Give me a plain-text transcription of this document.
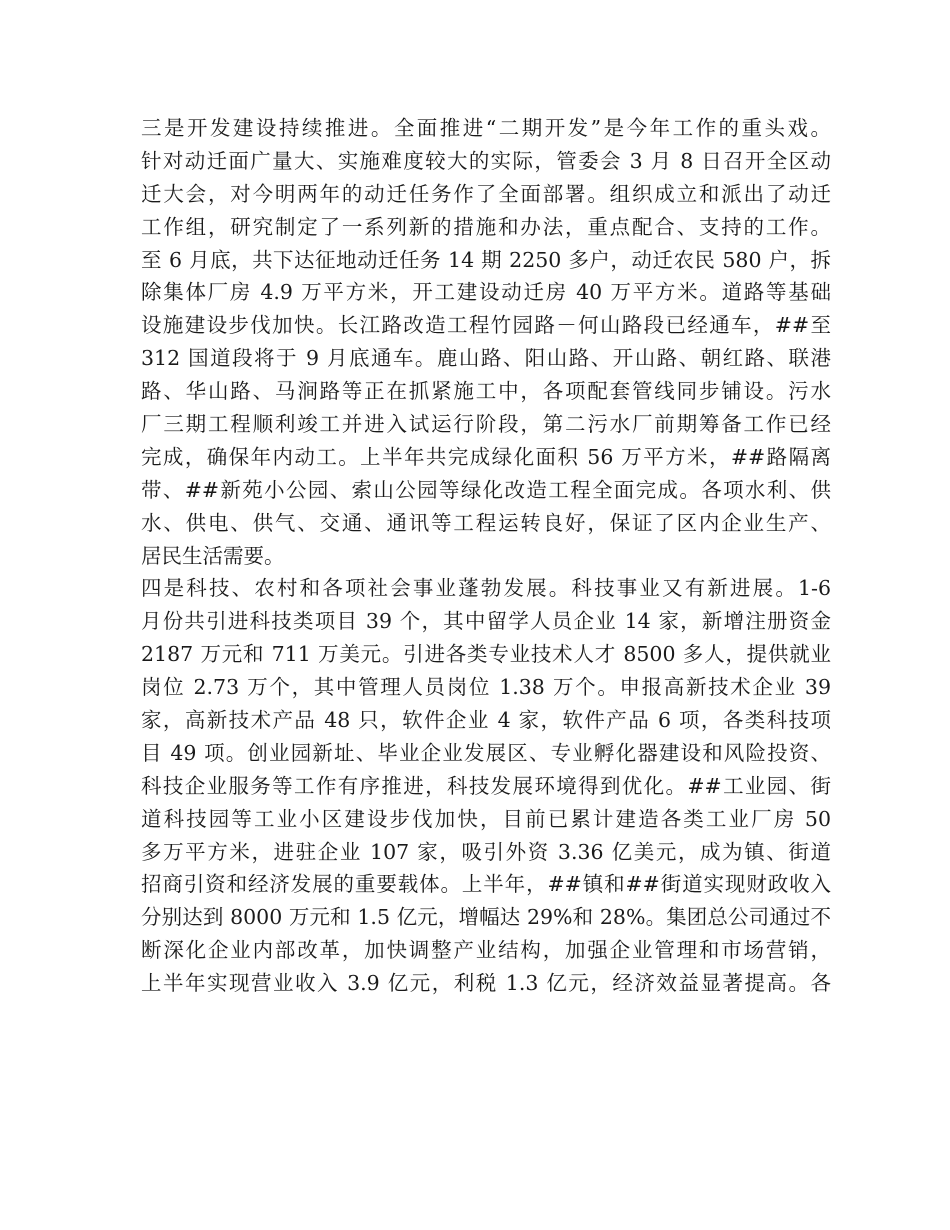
三是开发建设持续推进。全面推进“二期开发”是今年工作的重头戏。
针对动迁面广量大、实施难度较大的实际，管委会 3 月 8 日召开全区动
迁大会，对今明两年的动迁任务作了全面部署。组织成立和派出了动迁
工作组，研究制定了一系列新的措施和办法，重点配合、支持的工作。
至 6 月底，共下达征地动迁任务 14 期 2250 多户，动迁农民 580 户，拆
除集体厂房 4.9 万平方米，开工建设动迁房 40 万平方米。道路等基础
设施建设步伐加快。长江路改造工程竹园路－何山路段已经通车，##至
312 国道段将于 9 月底通车。鹿山路、阳山路、开山路、朝红路、联港
路、华山路、马涧路等正在抓紧施工中，各项配套管线同步铺设。污水
厂三期工程顺利竣工并进入试运行阶段，第二污水厂前期筹备工作已经
完成，确保年内动工。上半年共完成绿化面积 56 万平方米，##路隔离
带、##新苑小公园、索山公园等绿化改造工程全面完成。各项水利、供
水、供电、供气、交通、通讯等工程运转良好，保证了区内企业生产、
居民生活需要。
四是科技、农村和各项社会事业蓬勃发展。科技事业又有新进展。1-6
月份共引进科技类项目 39 个，其中留学人员企业 14 家，新增注册资金
2187 万元和 711 万美元。引进各类专业技术人才 8500 多人，提供就业
岗位 2.73 万个，其中管理人员岗位 1.38 万个。申报高新技术企业 39
家，高新技术产品 48 只，软件企业 4 家，软件产品 6 项，各类科技项
目 49 项。创业园新址、毕业企业发展区、专业孵化器建设和风险投资、
科技企业服务等工作有序推进，科技发展环境得到优化。##工业园、街
道科技园等工业小区建设步伐加快，目前已累计建造各类工业厂房 50
多万平方米，进驻企业 107 家，吸引外资 3.36 亿美元，成为镇、街道
招商引资和经济发展的重要载体。上半年，##镇和##街道实现财政收入
分别达到 8000 万元和 1.5 亿元，增幅达 29%和 28%。集团总公司通过不
断深化企业内部改革，加快调整产业结构，加强企业管理和市场营销，
上半年实现营业收入 3.9 亿元，利税 1.3 亿元，经济效益显著提高。各
